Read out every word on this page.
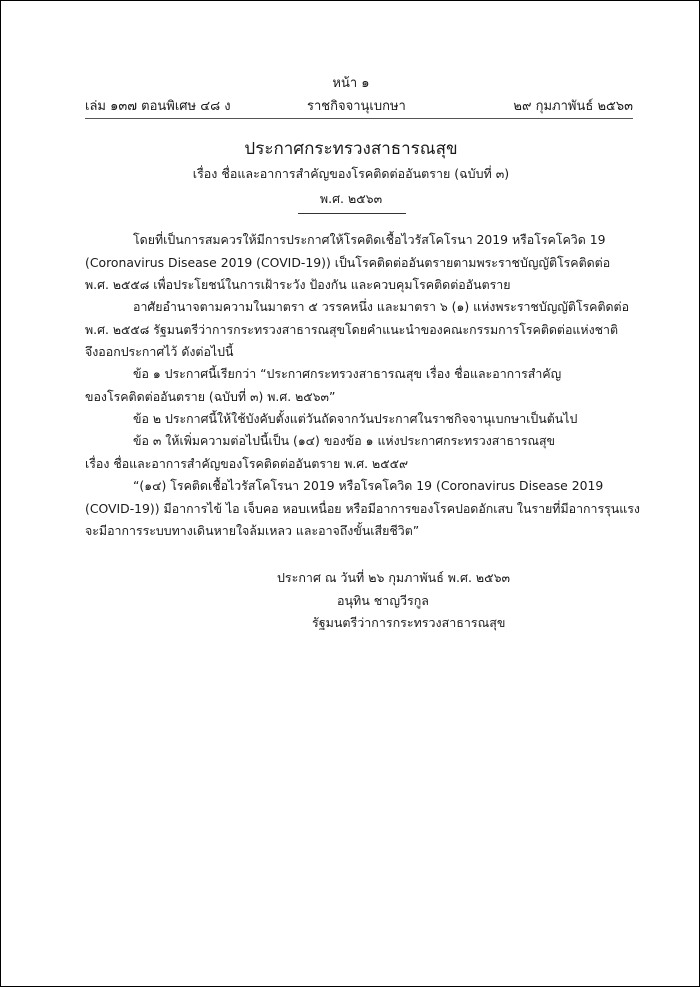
หน้า ๑
เล่ม ๑๓๗ ตอนพิเศษ ๔๘ ง	ราชกิจจานุเบกษา	๒๙ กุมภาพันธ์ ๒๕๖๓
ประกาศกระทรวงสาธารณสุข
เรื่อง ชื่อและอาการสำคัญของโรคติดต่ออันตราย (ฉบับที่ ๓)
พ.ศ. ๒๕๖๓
โดยที่เป็นการสมควรให้มีการประกาศให้โรคติดเชื้อไวรัสโคโรนา 2019 หรือโรคโควิด 19
(Coronavirus Disease 2019 (COVID-19)) เป็นโรคติดต่ออันตรายตามพระราชบัญญัติโรคติดต่อ
พ.ศ. ๒๕๕๘ เพื่อประโยชน์ในการเฝ้าระวัง ป้องกัน และควบคุมโรคติดต่ออันตราย
อาศัยอำนาจตามความในมาตรา ๕ วรรคหนึ่ง และมาตรา ๖ (๑) แห่งพระราชบัญญัติโรคติดต่อ
พ.ศ. ๒๕๕๘ รัฐมนตรีว่าการกระทรวงสาธารณสุขโดยคำแนะนำของคณะกรรมการโรคติดต่อแห่งชาติ
จึงออกประกาศไว้ ดังต่อไปนี้
ข้อ ๑ ประกาศนี้เรียกว่า “ประกาศกระทรวงสาธารณสุข เรื่อง ชื่อและอาการสำคัญ
ของโรคติดต่ออันตราย (ฉบับที่ ๓) พ.ศ. ๒๕๖๓”
ข้อ ๒ ประกาศนี้ให้ใช้บังคับตั้งแต่วันถัดจากวันประกาศในราชกิจจานุเบกษาเป็นต้นไป
ข้อ ๓ ให้เพิ่มความต่อไปนี้เป็น (๑๔) ของข้อ ๑ แห่งประกาศกระทรวงสาธารณสุข
เรื่อง ชื่อและอาการสำคัญของโรคติดต่ออันตราย พ.ศ. ๒๕๕๙
“(๑๔) โรคติดเชื้อไวรัสโคโรนา 2019 หรือโรคโควิด 19 (Coronavirus Disease 2019
(COVID-19)) มีอาการไข้ ไอ เจ็บคอ หอบเหนื่อย หรือมีอาการของโรคปอดอักเสบ ในรายที่มีอาการรุนแรง
จะมีอาการระบบทางเดินหายใจล้มเหลว และอาจถึงขั้นเสียชีวิต”
ประกาศ ณ วันที่ ๒๖ กุมภาพันธ์ พ.ศ. ๒๕๖๓
อนุทิน ชาญวีรกูล
รัฐมนตรีว่าการกระทรวงสาธารณสุข
